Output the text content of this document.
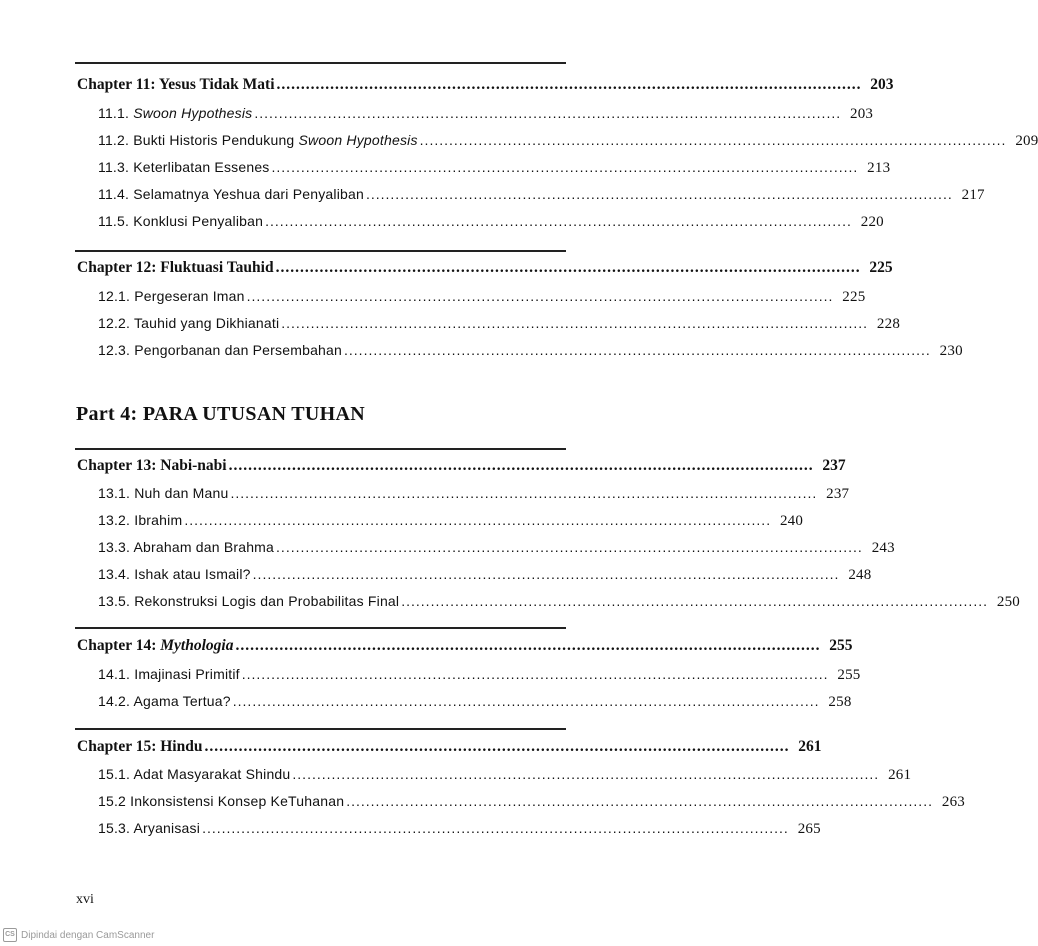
Chapter 11: Yesus Tidak Mati ........................................................................................................................ 203
11.1. Swoon Hypothesis ........................................................................................................................ 203
11.2. Bukti Historis Pendukung Swoon Hypothesis ........................................................................................................................ 209
11.3. Keterlibatan Essenes ........................................................................................................................ 213
11.4. Selamatnya Yeshua dari Penyaliban ........................................................................................................................ 217
11.5. Konklusi Penyaliban ........................................................................................................................ 220
Chapter 12: Fluktuasi Tauhid ........................................................................................................................ 225
12.1. Pergeseran Iman ........................................................................................................................ 225
12.2. Tauhid yang Dikhianati ........................................................................................................................ 228
12.3. Pengorbanan dan Persembahan ........................................................................................................................ 230
Part 4: PARA UTUSAN TUHAN
Chapter 13: Nabi-nabi ........................................................................................................................ 237
13.1. Nuh dan Manu ........................................................................................................................ 237
13.2. Ibrahim ........................................................................................................................ 240
13.3. Abraham dan Brahma ........................................................................................................................ 243
13.4. Ishak atau Ismail? ........................................................................................................................ 248
13.5. Rekonstruksi Logis dan Probabilitas Final ........................................................................................................................ 250
Chapter 14: Mythologia ........................................................................................................................ 255
14.1. Imajinasi Primitif ........................................................................................................................ 255
14.2. Agama Tertua? ........................................................................................................................ 258
Chapter 15: Hindu ........................................................................................................................ 261
15.1. Adat Masyarakat Shindu ........................................................................................................................ 261
15.2 Inkonsistensi Konsep KeTuhanan ........................................................................................................................ 263
15.3. Aryanisasi ........................................................................................................................ 265
xvi
CS Dipindai dengan CamScanner
